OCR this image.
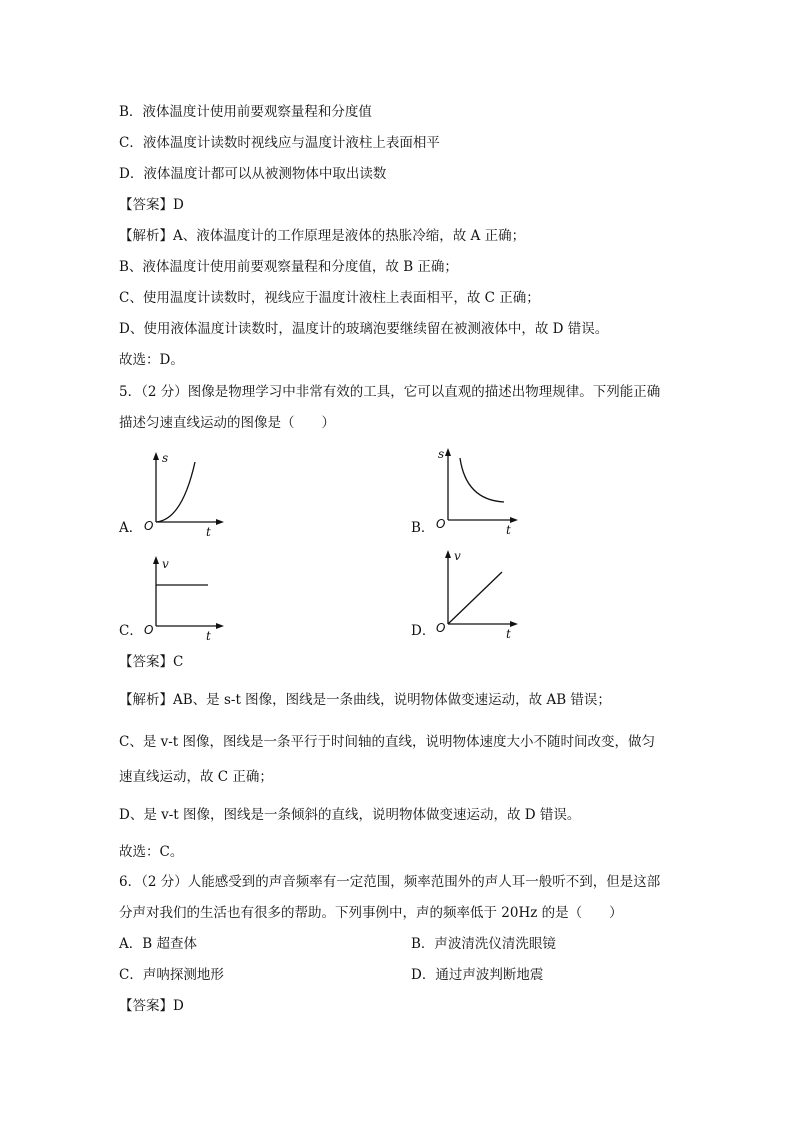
B．液体温度计使用前要观察量程和分度值
C．液体温度计读数时视线应与温度计液柱上表面相平
D．液体温度计都可以从被测物体中取出读数
【答案】D
【解析】A、液体温度计的工作原理是液体的热胀冷缩，故 A 正确；
B、液体温度计使用前要观察量程和分度值，故 B 正确；
C、使用温度计读数时，视线应于温度计液柱上表面相平，故 C 正确；
D、使用液体温度计读数时，温度计的玻璃泡要继续留在被测液体中，故 D 错误。
故选：D。
5．（2 分）图像是物理学习中非常有效的工具，它可以直观的描述出物理规律。下列能正确
描述匀速直线运动的图像是（　　）
A．
s
t
O	B．
s
t
O
C．
v
t
O	D．
v
t
O
【答案】C
【解析】AB、是 s-t 图像，图线是一条曲线，说明物体做变速运动，故 AB 错误；
C、是 v-t 图像，图线是一条平行于时间轴的直线，说明物体速度大小不随时间改变，做匀
速直线运动，故 C 正确；
D、是 v-t 图像，图线是一条倾斜的直线，说明物体做变速运动，故 D 错误。
故选：C。
6．（2 分）人能感受到的声音频率有一定范围，频率范围外的声人耳一般听不到，但是这部
分声对我们的生活也有很多的帮助。下列事例中，声的频率低于 20Hz 的是（　　）
A．B 超查体	B．声波清洗仪清洗眼镜
C．声呐探测地形	D．通过声波判断地震
【答案】D
